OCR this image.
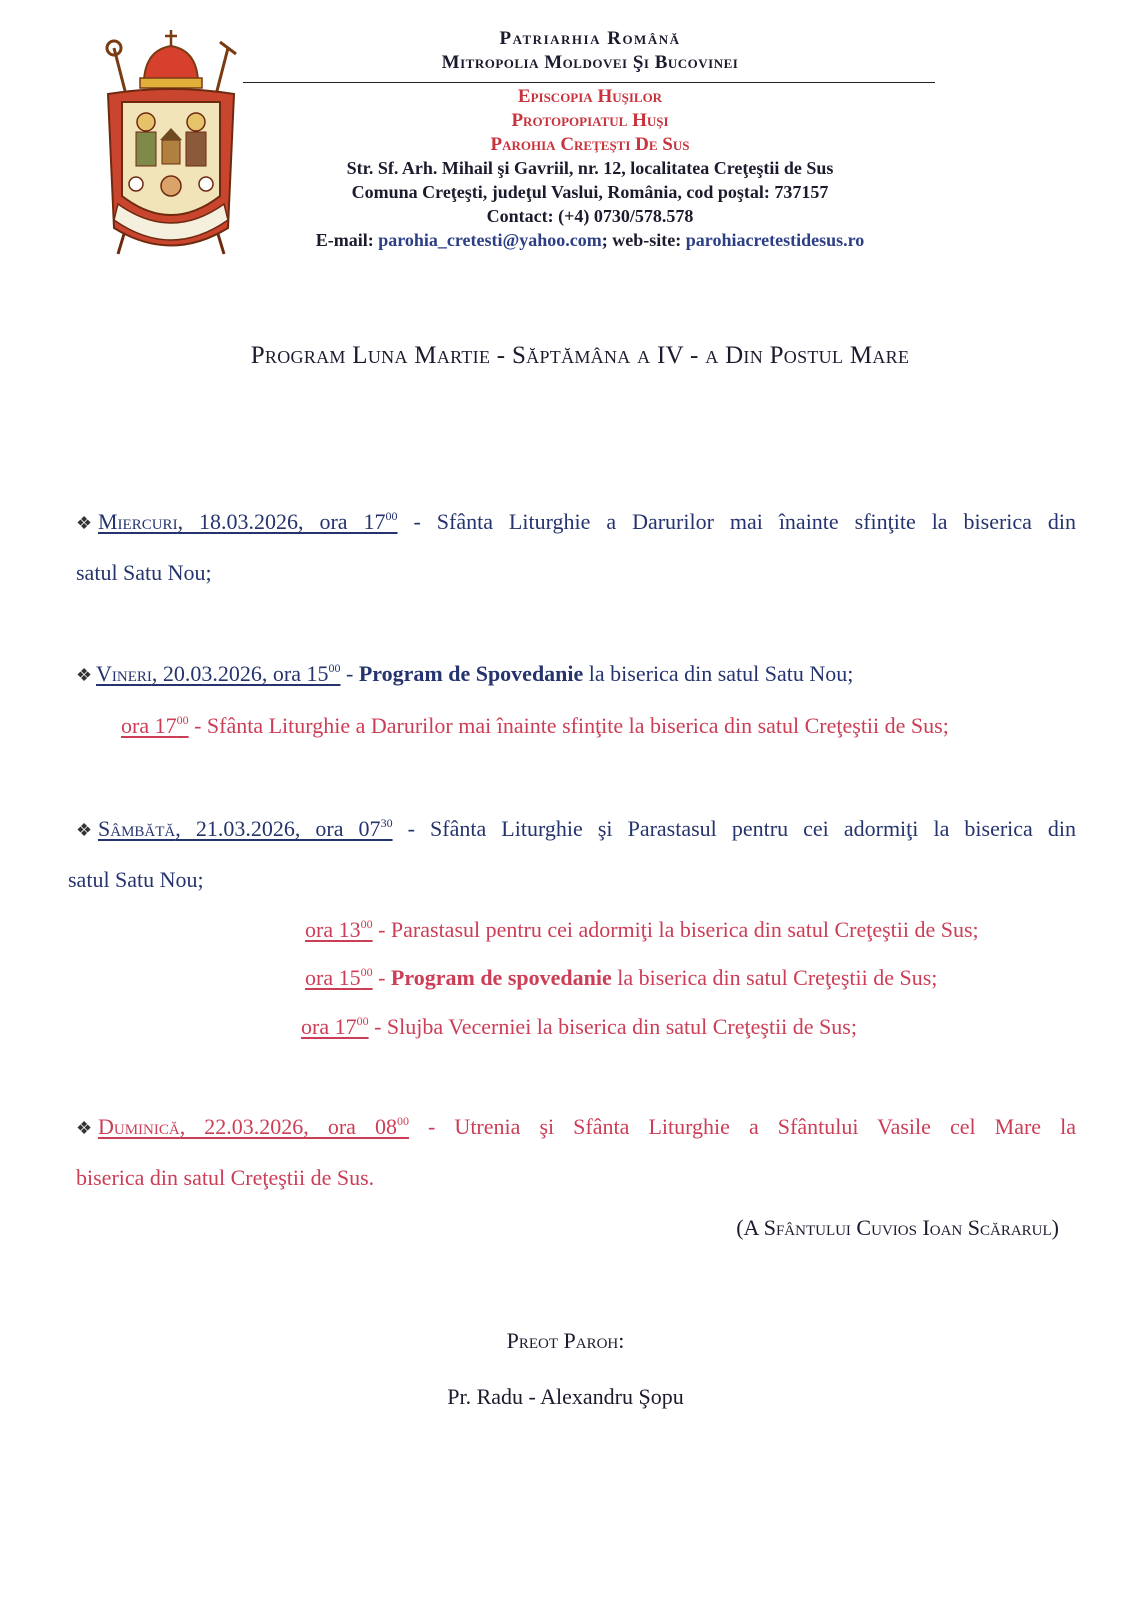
Patriarhia Română
Mitropolia Moldovei Şi Bucovinei
Episcopia Huşilor
Protopopiatul Huşi
Parohia Creţeşti De Sus
Str. Sf. Arh. Mihail şi Gavriil, nr. 12, localitatea Creţeştii de Sus
Comuna Creţeşti, judeţul Vaslui, România, cod poştal: 737157
Contact: (+4) 0730/578.578
E-mail: parohia_cretesti@yahoo.com; web-site: parohiacretestidesus.ro
Program Luna Martie - Săptămâna a IV - a Din Postul Mare
❖ Miercuri, 18.03.2026, ora $17^{00}$ - Sfânta Liturghie a Darurilor mai înainte sfinţite la biserica din
satul Satu Nou;
❖ Vineri, 20.03.2026, ora $15^{00}$ - Program de Spovedanie la biserica din satul Satu Nou;
ora $17^{00}$ - Sfânta Liturghie a Darurilor mai înainte sfinţite la biserica din satul Creţeştii de Sus;
❖ Sâmbătă, 21.03.2026, ora $07^{30}$ - Sfânta Liturghie şi Parastasul pentru cei adormiţi la biserica din
satul Satu Nou;
ora $13^{00}$ - Parastasul pentru cei adormiţi la biserica din satul Creţeştii de Sus;
ora $15^{00}$ - Program de spovedanie la biserica din satul Creţeştii de Sus;
ora $17^{00}$ - Slujba Vecerniei la biserica din satul Creţeştii de Sus;
❖ Duminică, 22.03.2026, ora $08^{00}$ - Utrenia şi Sfânta Liturghie a Sfântului Vasile cel Mare la
biserica din satul Creţeştii de Sus.
(A Sfântului Cuvios Ioan Scărarul)
Preot Paroh:
Pr. Radu - Alexandru Şopu
